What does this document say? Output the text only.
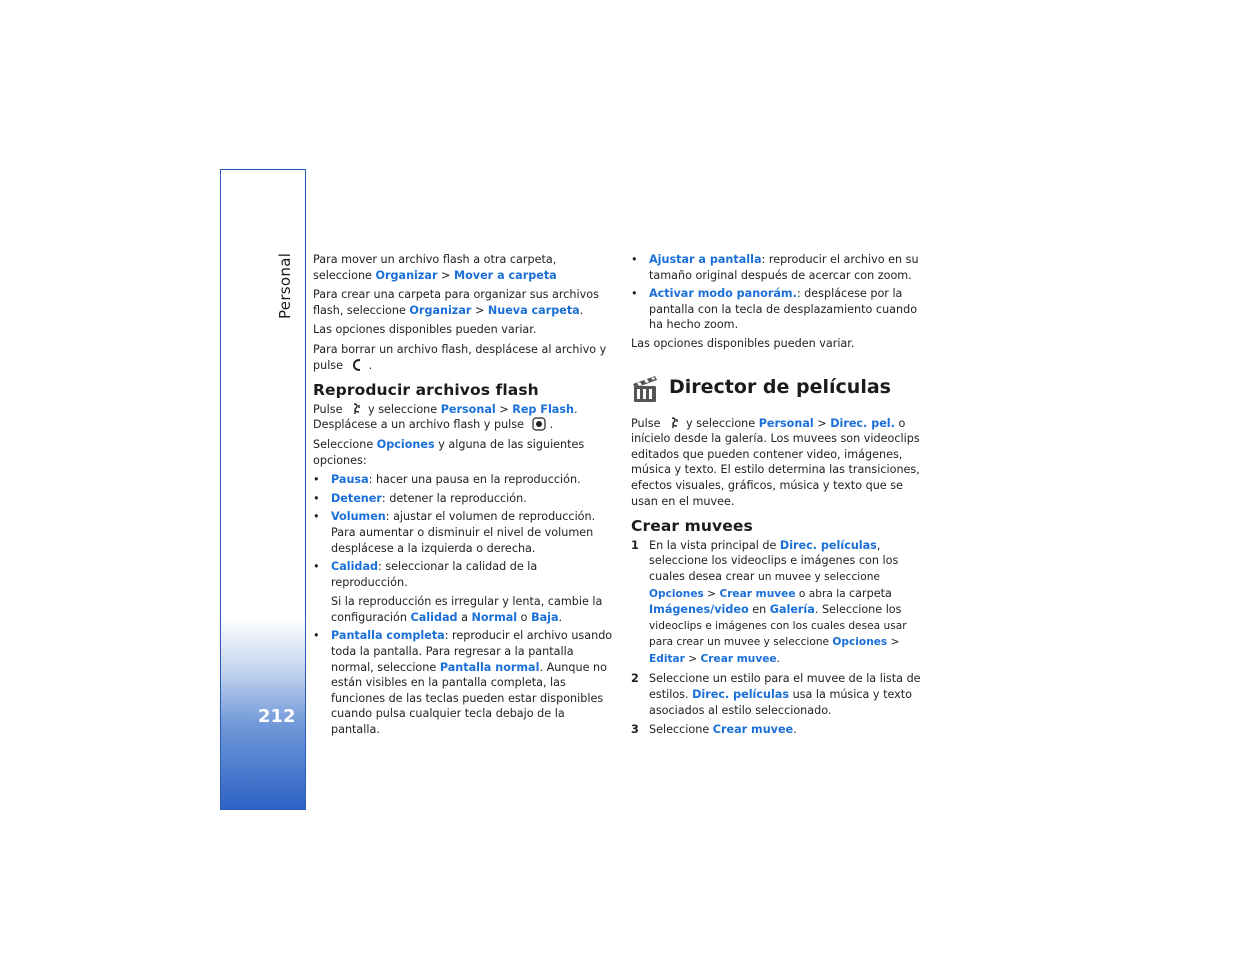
Personal
212

Para mover un archivo flash a otra carpeta, seleccione Organizar > Mover a carpeta

Para crear una carpeta para organizar sus archivos flash, seleccione Organizar > Nueva carpeta.

Las opciones disponibles pueden variar.

Para borrar un archivo flash, desplácese al archivo y pulse .

Reproducir archivos flash

Pulse y seleccione Personal > Rep Flash. Desplácese a un archivo flash y pulse .

Seleccione Opciones y alguna de las siguientes opciones:

• Pausa: hacer una pausa en la reproducción.
• Detener: detener la reproducción.
• Volumen: ajustar el volumen de reproducción. Para aumentar o disminuir el nivel de volumen desplácese a la izquierda o derecha.
• Calidad: seleccionar la calidad de la reproducción.
Si la reproducción es irregular y lenta, cambie la configuración Calidad a Normal o Baja.
• Pantalla completa: reproducir el archivo usando toda la pantalla. Para regresar a la pantalla normal, seleccione Pantalla normal. Aunque no están visibles en la pantalla completa, las funciones de las teclas pueden estar disponibles cuando pulsa cualquier tecla debajo de la pantalla.
• Ajustar a pantalla: reproducir el archivo en su tamaño original después de acercar con zoom.
• Activar modo panorám.: desplácese por la pantalla con la tecla de desplazamiento cuando ha hecho zoom.

Las opciones disponibles pueden variar.

Director de películas

Pulse y seleccione Personal > Direc. pel. o inícielo desde la galería. Los muvees son videoclips editados que pueden contener video, imágenes, música y texto. El estilo determina las transiciones, efectos visuales, gráficos, música y texto que se usan en el muvee.

Crear muvees
1 En la vista principal de Direc. películas, seleccione los videoclips e imágenes con los cuales desea crear un muvee y seleccione Opciones > Crear muvee o abra la carpeta Imágenes/video en Galería. Seleccione los videoclips e imágenes con los cuales desea usar para crear un muvee y seleccione Opciones > Editar > Crear muvee.
2 Seleccione un estilo para el muvee de la lista de estilos. Direc. películas usa la música y texto asociados al estilo seleccionado.
3 Seleccione Crear muvee.
